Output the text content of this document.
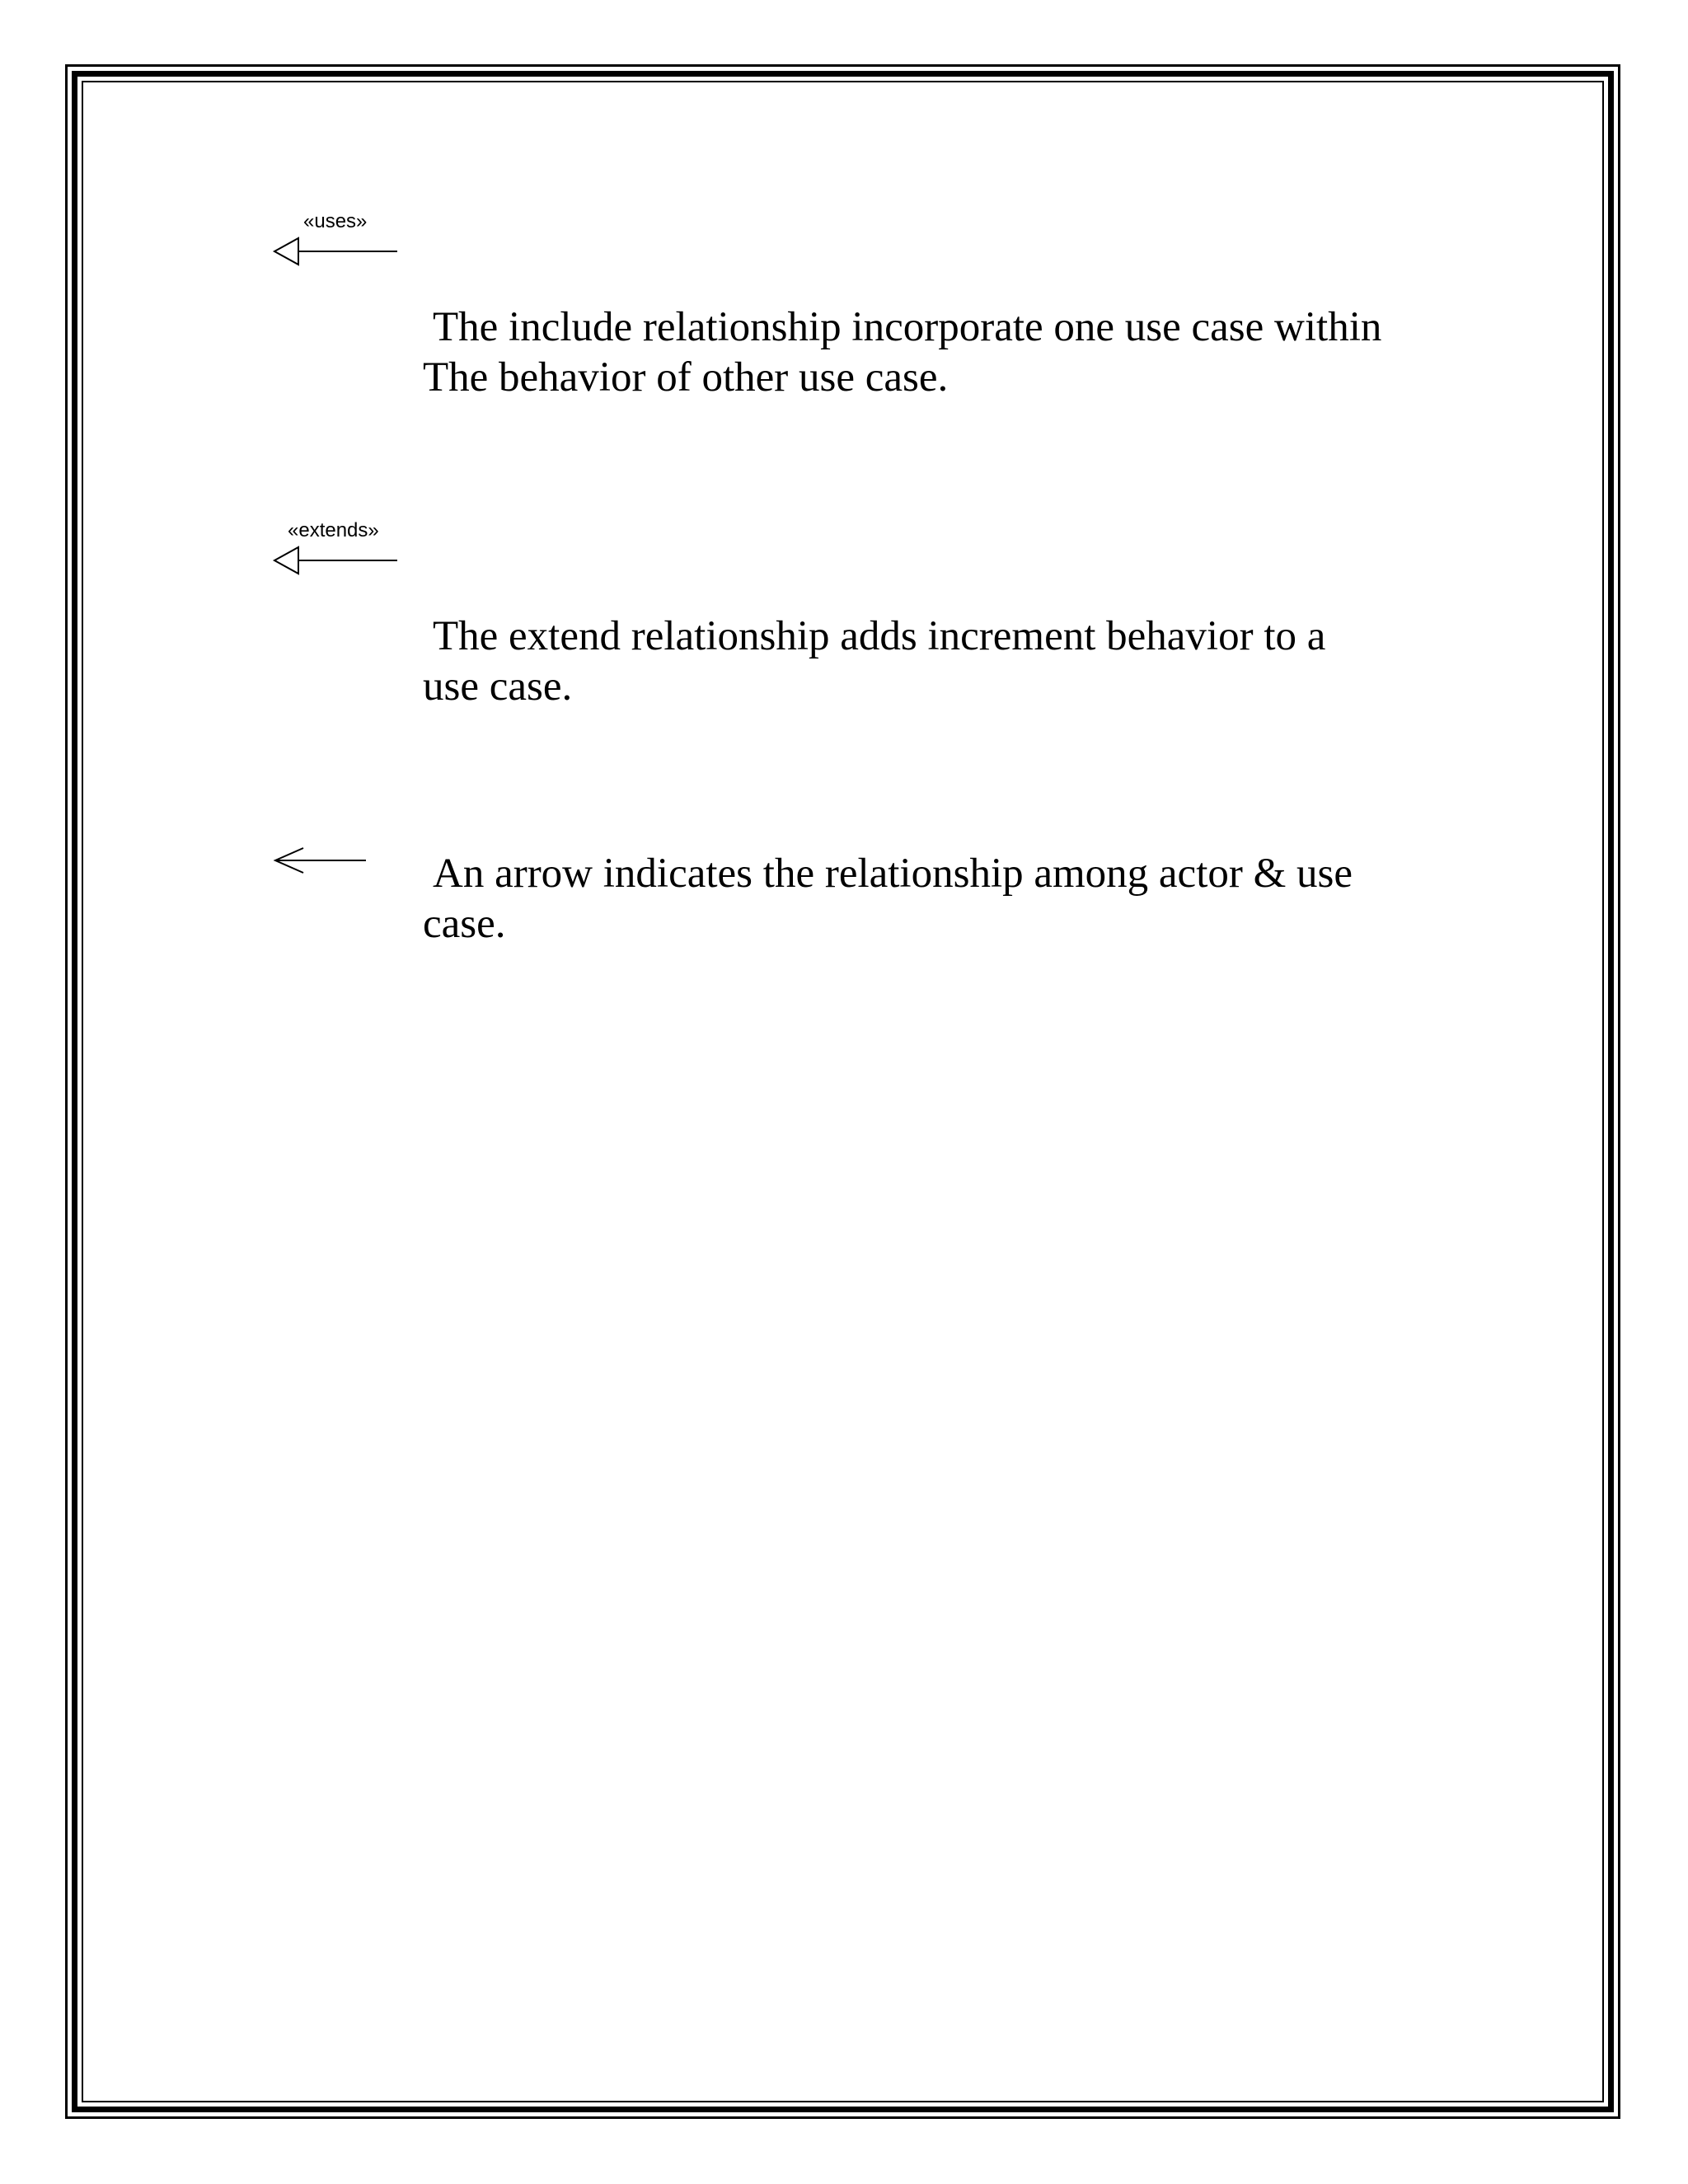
«uses»
The include relationship incorporate one use case within
The behavior of other use case.
«extends»
The extend relationship adds increment behavior to a
use case.
An arrow indicates the relationship among actor & use
case.
